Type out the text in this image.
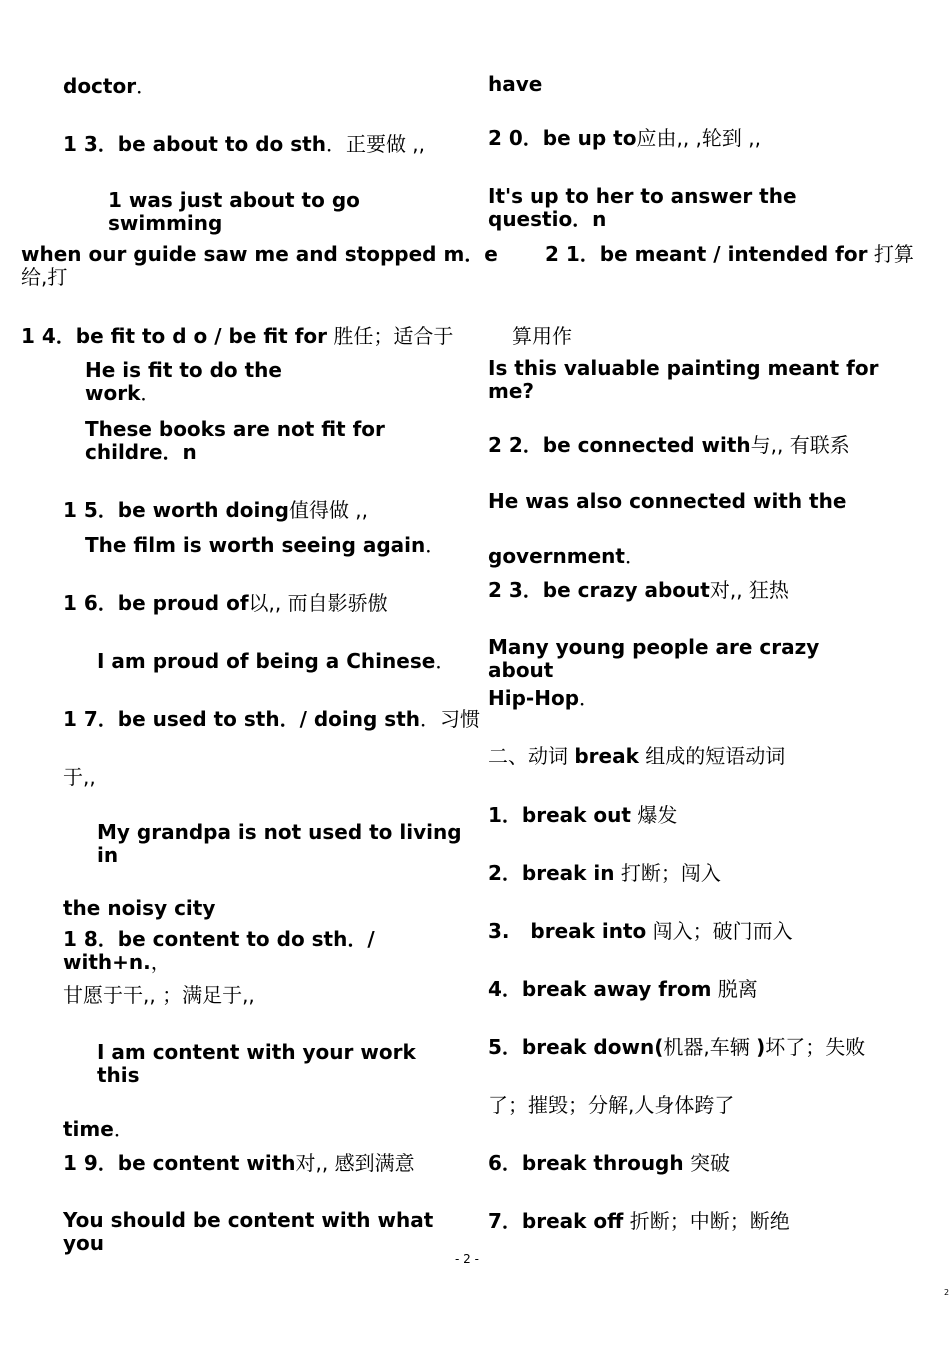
doctor．
1 3．be about to do sth．正要做 ,,
1 was just about to go swimming
when our guide saw me and stopped m．e
给,打
1 4．be fit to d o / be fit for 胜任；适合于
He is fit to do the work．
These books are not fit for childre．n
1 5．be worth doing值得做 ,,
The film is worth seeing again．
1 6．be proud of以,, 而自影骄傲
I am proud of being a Chinese．
1 7．be used to sth．/ doing sth．习惯
于,,
My grandpa is not used to living in
the noisy city
1 8．be content to do sth．/ with+n.，
甘愿于干,, ；满足于,,
I am content with your work this
time．
1 9．be content with对,, 感到满意
You should be content with what you
have
2 0．be up to应由,, ,轮到 ,,
It's up to her to answer the questio．n
2 1．be meant / intended for 打算
算用作
Is this valuable painting meant for me?
2 2．be connected with与,, 有联系
He was also connected with the
government．
2 3．be crazy about对,, 狂热
Many young people are crazy about
Hip-Hop．
二、动词 break 组成的短语动词
1．break out 爆发
2．break in 打断；闯入
3.   break into 闯入；破门而入
4．break away from 脱离
5．break down(机器,车辆 )坏了；失败
了；摧毁；分解,人身体跨了
6．break through 突破
7．break off 折断；中断；断绝
- 2 -
2
